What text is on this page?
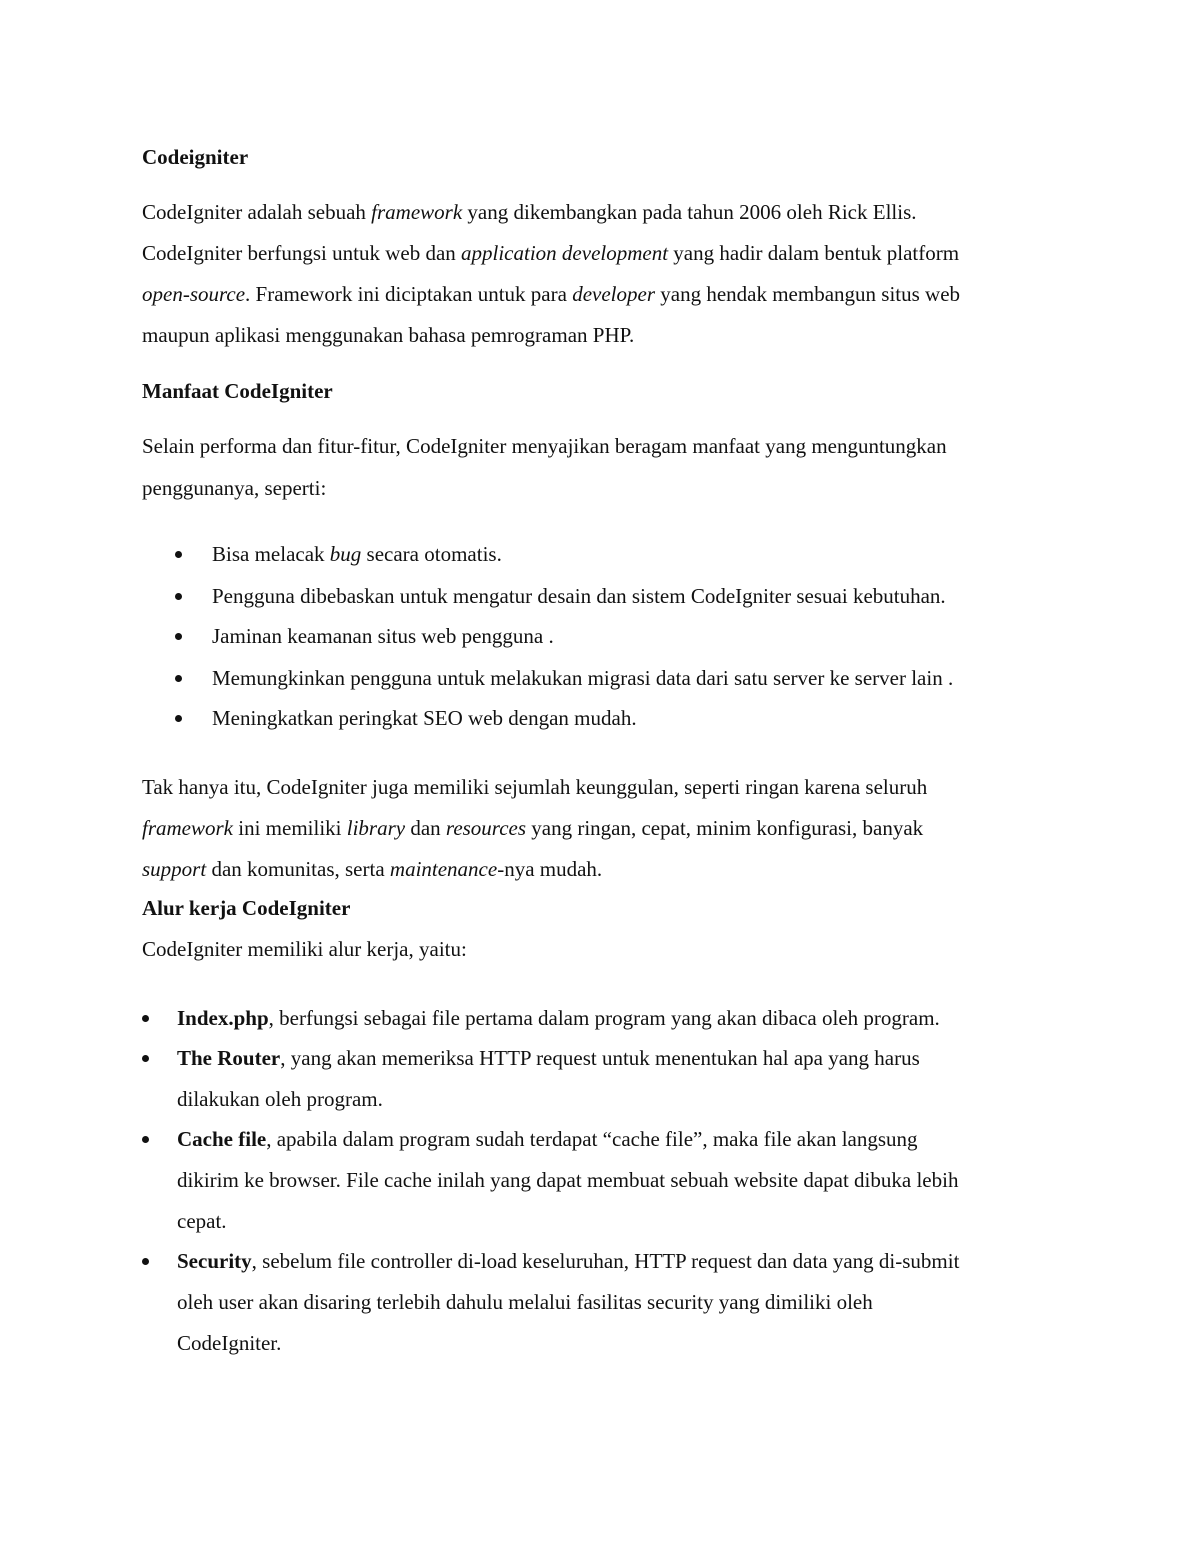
Codeigniter
CodeIgniter adalah sebuah framework yang dikembangkan pada tahun 2006 oleh Rick Ellis.
CodeIgniter berfungsi untuk web dan application development yang hadir dalam bentuk platform
open-source. Framework ini diciptakan untuk para developer yang hendak membangun situs web
maupun aplikasi menggunakan bahasa pemrograman PHP.
Manfaat CodeIgniter
Selain performa dan fitur-fitur, CodeIgniter menyajikan beragam manfaat yang menguntungkan
penggunanya, seperti:
Bisa melacak bug secara otomatis.
Pengguna dibebaskan untuk mengatur desain dan sistem CodeIgniter sesuai kebutuhan.
Jaminan keamanan situs web pengguna .
Memungkinkan pengguna untuk melakukan migrasi data dari satu server ke server lain .
Meningkatkan peringkat SEO web dengan mudah.
Tak hanya itu, CodeIgniter juga memiliki sejumlah keunggulan, seperti ringan karena seluruh
framework ini memiliki library dan resources yang ringan, cepat, minim konfigurasi, banyak
support dan komunitas, serta maintenance-nya mudah.
Alur kerja CodeIgniter
CodeIgniter memiliki alur kerja, yaitu:
Index.php, berfungsi sebagai file pertama dalam program yang akan dibaca oleh program.
The Router, yang akan memeriksa HTTP request untuk menentukan hal apa yang harus
dilakukan oleh program.
Cache file, apabila dalam program sudah terdapat “cache file”, maka file akan langsung
dikirim ke browser. File cache inilah yang dapat membuat sebuah website dapat dibuka lebih
cepat.
Security, sebelum file controller di-load keseluruhan, HTTP request dan data yang di-submit
oleh user akan disaring terlebih dahulu melalui fasilitas security yang dimiliki oleh
CodeIgniter.
